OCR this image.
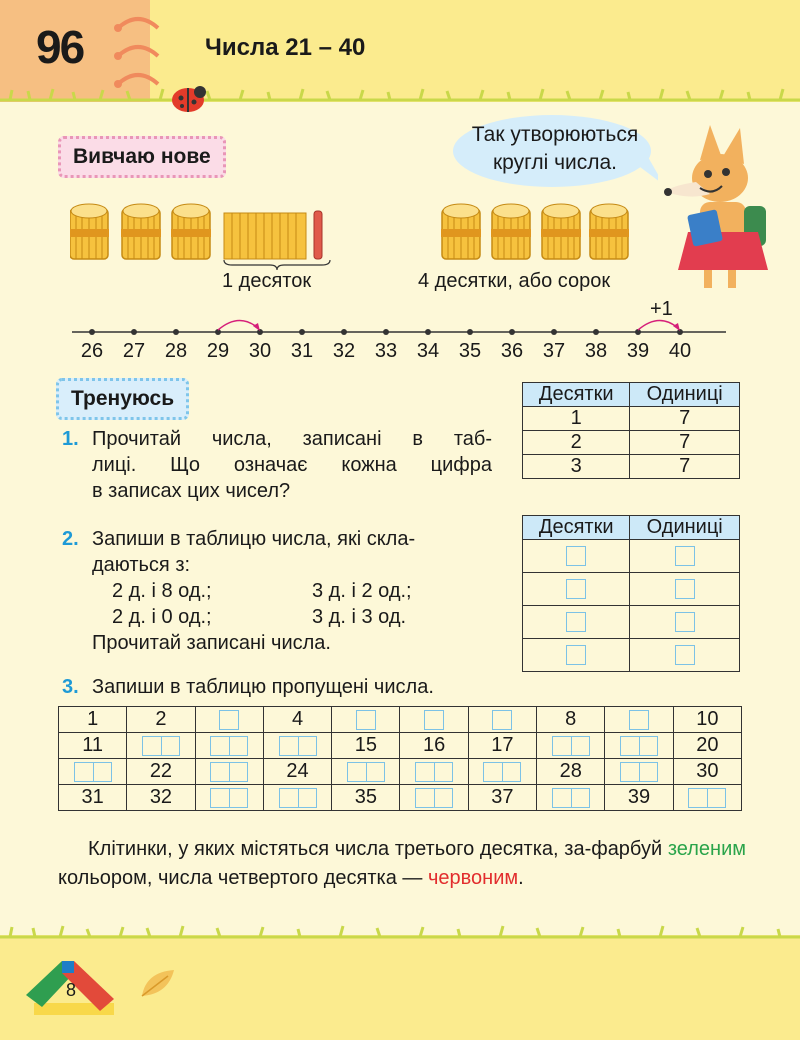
96	Числа 21 – 40
Вивчаю нове
Так утворюються
круглі числа.
1 десяток	4 десятки, або сорок
+1
26 27 28 29 30 31 32 33 34 35 36 37 38 39 40
Тренуюсь
1. Прочитай числа, записані в таб-
лиці. Що означає кожна цифра
в записах цих чисел?
Десятки	Одиниці
1	7
2	7
3	7
2. Запиши в таблицю числа, які скла-
даються з:
2 д. і 8 од.;	3 д. і 2 од.;
2 д. і 0 од.;	3 д. і 3 од.
Прочитай записані числа.
Десятки	Одиниці

3. Запиши в таблицю пропущені числа.
1	2		4				8		10
11				15	16	17			20
	22		24				28		30
31	32			35		37		39	
Клітинки, у яких містяться числа третього десятка, за-фарбуй зеленим кольором, числа четвертого десятка — червоним.
8
